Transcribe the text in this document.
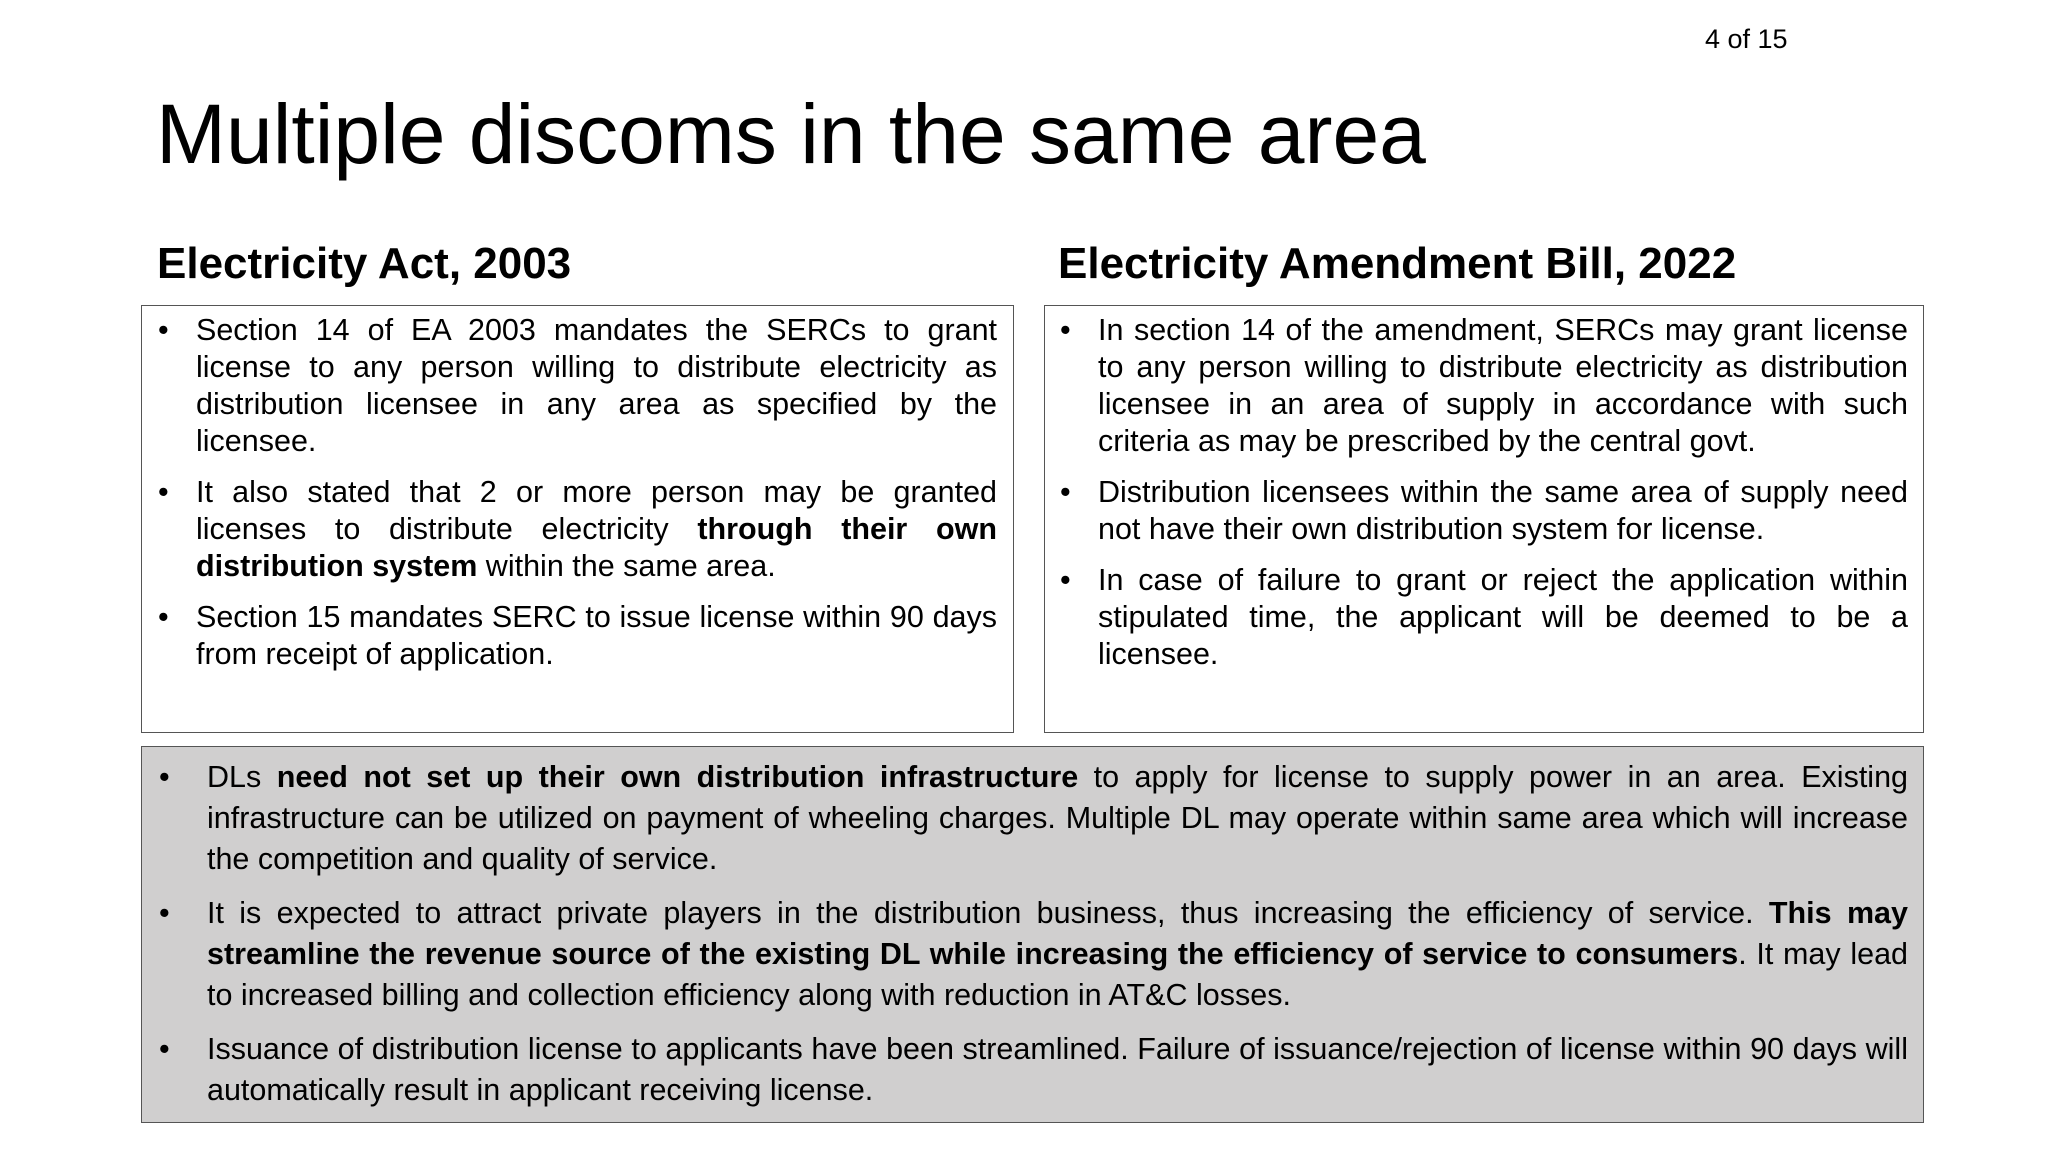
4 of 15
Multiple discoms in the same area
Electricity Act, 2003	Electricity Amendment Bill, 2022
• Section 14 of EA 2003 mandates the SERCs to grant license to any person willing to distribute electricity as distribution licensee in any area as specified by the licensee.
• It also stated that 2 or more person may be granted licenses to distribute electricity through their own distribution system within the same area.
• Section 15 mandates SERC to issue license within 90 days from receipt of application.
• In section 14 of the amendment, SERCs may grant license to any person willing to distribute electricity as distribution licensee in an area of supply in accordance with such criteria as may be prescribed by the central govt.
• Distribution licensees within the same area of supply need not have their own distribution system for license.
• In case of failure to grant or reject the application within stipulated time, the applicant will be deemed to be a licensee.
• DLs need not set up their own distribution infrastructure to apply for license to supply power in an area. Existing infrastructure can be utilized on payment of wheeling charges. Multiple DL may operate within same area which will increase the competition and quality of service.
• It is expected to attract private players in the distribution business, thus increasing the efficiency of service. This may streamline the revenue source of the existing DL while increasing the efficiency of service to consumers. It may lead to increased billing and collection efficiency along with reduction in AT&C losses.
• Issuance of distribution license to applicants have been streamlined. Failure of issuance/rejection of license within 90 days will automatically result in applicant receiving license.
